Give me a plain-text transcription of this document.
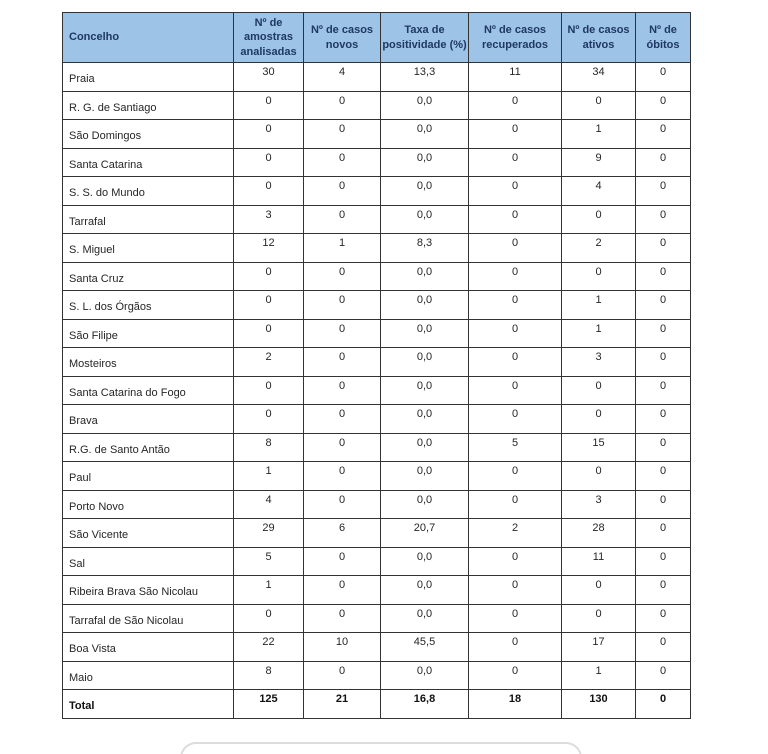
Concelho	Nº de amostras analisadas	Nº de casos novos	Taxa de positividade (%)	Nº de casos recuperados	Nº de casos ativos	Nº de óbitos
Praia	30	4	13,3	11	34	0
R. G. de Santiago	0	0	0,0	0	0	0
São Domingos	0	0	0,0	0	1	0
Santa Catarina	0	0	0,0	0	9	0
S. S. do Mundo	0	0	0,0	0	4	0
Tarrafal	3	0	0,0	0	0	0
S. Miguel	12	1	8,3	0	2	0
Santa Cruz	0	0	0,0	0	0	0
S. L. dos Órgãos	0	0	0,0	0	1	0
São Filipe	0	0	0,0	0	1	0
Mosteiros	2	0	0,0	0	3	0
Santa Catarina do Fogo	0	0	0,0	0	0	0
Brava	0	0	0,0	0	0	0
R.G. de Santo Antão	8	0	0,0	5	15	0
Paul	1	0	0,0	0	0	0
Porto Novo	4	0	0,0	0	3	0
São Vicente	29	6	20,7	2	28	0
Sal	5	0	0,0	0	11	0
Ribeira Brava São Nicolau	1	0	0,0	0	0	0
Tarrafal de São Nicolau	0	0	0,0	0	0	0
Boa Vista	22	10	45,5	0	17	0
Maio	8	0	0,0	0	1	0
Total	125	21	16,8	18	130	0
